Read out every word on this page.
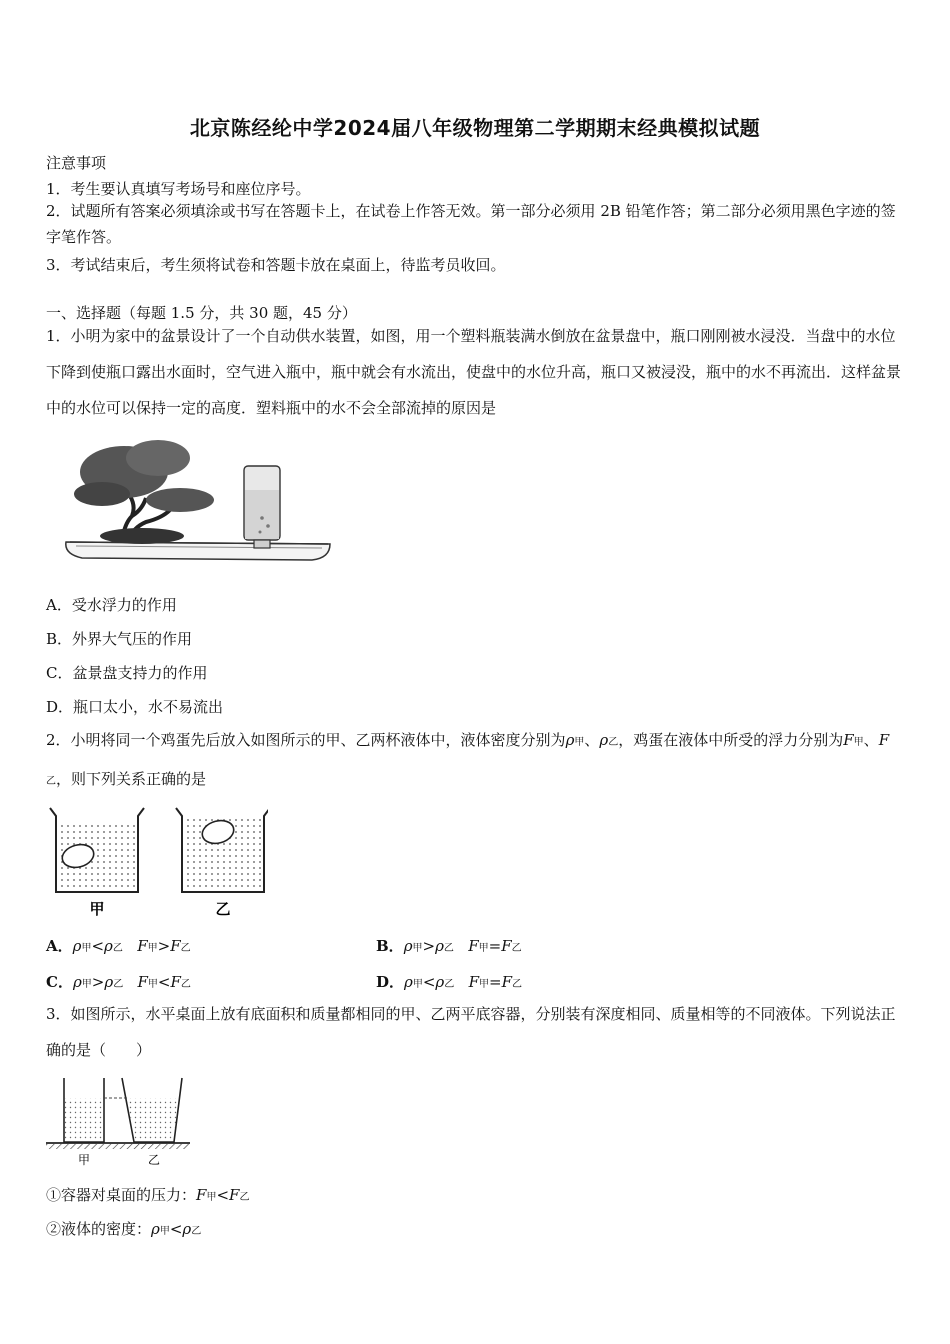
北京陈经纶中学2024届八年级物理第二学期期末经典模拟试题
注意事项
1．考生要认真填写考场号和座位序号。
2．试题所有答案必须填涂或书写在答题卡上，在试卷上作答无效。第一部分必须用 2B 铅笔作答；第二部分必须用黑色字迹的签字笔作答。
3．考试结束后，考生须将试卷和答题卡放在桌面上，待监考员收回。
一、选择题（每题 1.5 分，共 30 题，45 分）
1．小明为家中的盆景设计了一个自动供水装置，如图，用一个塑料瓶装满水倒放在盆景盘中，瓶口刚刚被水浸没．当盘中的水位下降到使瓶口露出水面时，空气进入瓶中，瓶中就会有水流出，使盘中的水位升高，瓶口又被浸没，瓶中的水不再流出．这样盆景中的水位可以保持一定的高度．塑料瓶中的水不会全部流掉的原因是
A．受水浮力的作用
B．外界大气压的作用
C．盆景盘支持力的作用
D．瓶口太小，水不易流出
2．小明将同一个鸡蛋先后放入如图所示的甲、乙两杯液体中，液体密度分别为ρ甲、ρ乙，鸡蛋在液体中所受的浮力分别为F甲、F乙，则下列关系正确的是
甲	乙
A．ρ甲<ρ乙 F甲>F乙	B．ρ甲>ρ乙 F甲=F乙
C．ρ甲>ρ乙 F甲<F乙	D．ρ甲<ρ乙 F甲=F乙
3．如图所示，水平桌面上放有底面积和质量都相同的甲、乙两平底容器，分别装有深度相同、质量相等的不同液体。下列说法正确的是（　　）
甲	乙
①容器对桌面的压力：F甲<F乙
②液体的密度：ρ甲<ρ乙
